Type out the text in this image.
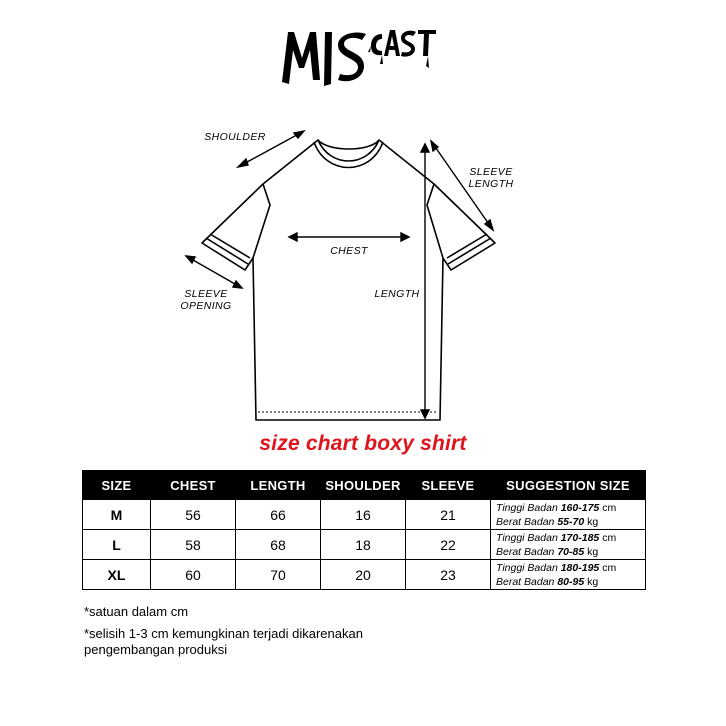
SHOULDER
SLEEVE
LENGTH
CHEST
LENGTH
SLEEVE
OPENING
size chart boxy shirt
SIZE	CHEST	LENGTH	SHOULDER	SLEEVE	SUGGESTION SIZE
M	56	66	16	21	Tinggi Badan 160-175 cm
Berat Badan 55-70 kg

L	58	68	18	22	Tinggi Badan 170-185 cm
Berat Badan 70-85 kg

XL	60	70	20	23	Tinggi Badan 180-195 cm
Berat Badan 80-95 kg
*satuan dalam cm
*selisih 1-3 cm kemungkinan terjadi dikarenakan
pengembangan produksi
